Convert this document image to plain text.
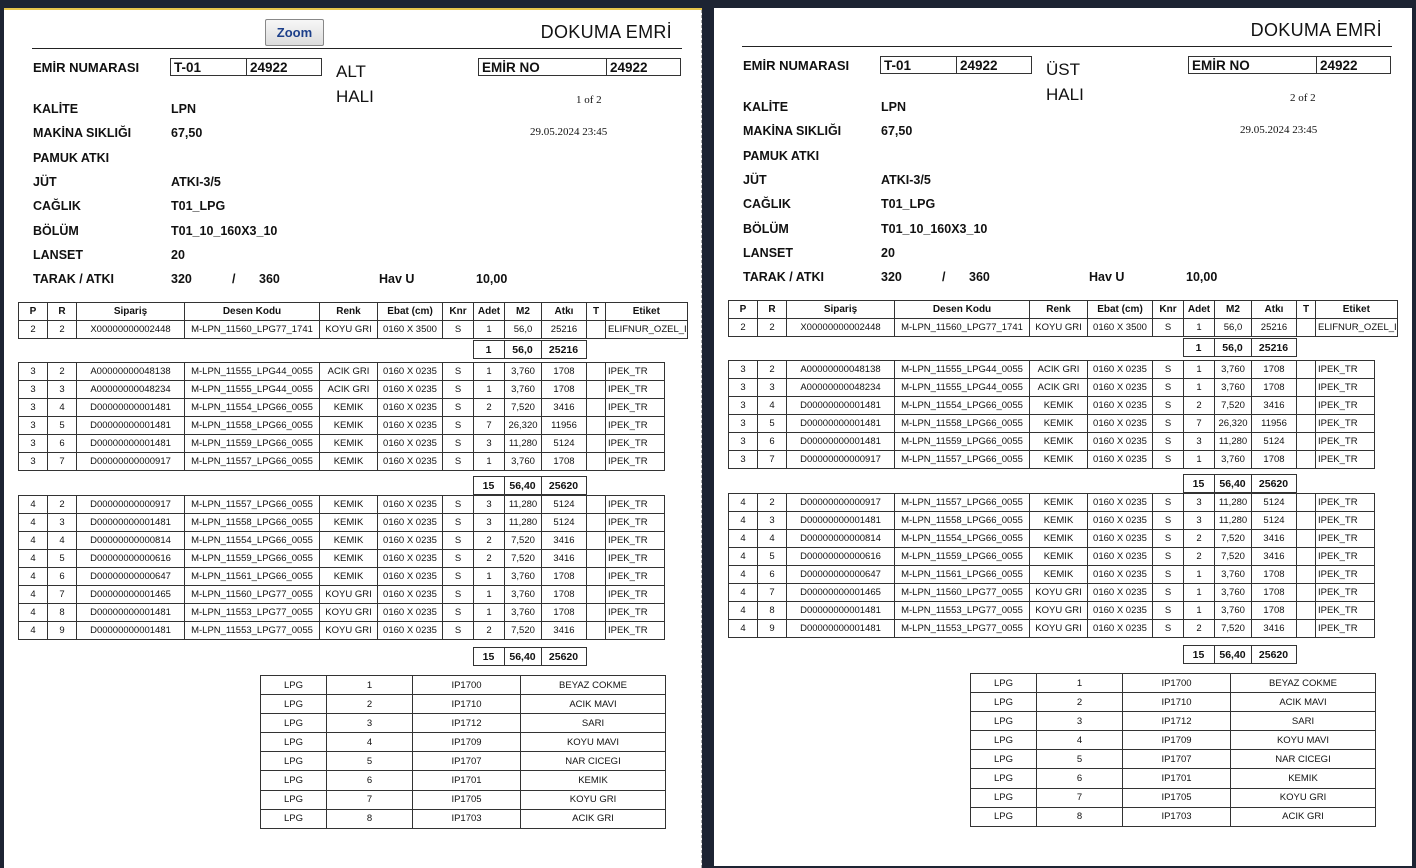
Zoom	DOKUMA EMRİ
EMİR NUMARASI	T-01	24922	ALT
HALI
EMİR NO	24922
1 of 2
29.05.2024 23:45
KALİTE	LPN
MAKİNA SIKLIĞI	67,50
PAMUK ATKI
JÜT	ATKI-3/5
CAĞLIK	T01_LPG
BÖLÜM	T01_10_160X3_10
LANSET	20
TARAK / ATKI	320	/ 360	Hav U	10,00
P	R	Sipariş	Desen Kodu	Renk	Ebat (cm)	Knr	Adet	M2	Atkı	T	Etiket
2	2	X00000000002448	M-LPN_11560_LPG77_1741	KOYU GRI	0160 X 3500	S	1	56,0	25216		ELIFNUR_OZEL_I
	1	56,0	25216
3	2	A00000000048138	M-LPN_11555_LPG44_0055	ACIK GRI	0160 X 0235	S	1	3,760	1708		IPEK_TR
3	3	A00000000048234	M-LPN_11555_LPG44_0055	ACIK GRI	0160 X 0235	S	1	3,760	1708		IPEK_TR
3	4	D00000000001481	M-LPN_11554_LPG66_0055	KEMIK	0160 X 0235	S	2	7,520	3416		IPEK_TR
3	5	D00000000001481	M-LPN_11558_LPG66_0055	KEMIK	0160 X 0235	S	7	26,320	11956		IPEK_TR
3	6	D00000000001481	M-LPN_11559_LPG66_0055	KEMIK	0160 X 0235	S	3	11,280	5124		IPEK_TR
3	7	D00000000000917	M-LPN_11557_LPG66_0055	KEMIK	0160 X 0235	S	1	3,760	1708		IPEK_TR
	15	56,40	25620
4	2	D00000000000917	M-LPN_11557_LPG66_0055	KEMIK	0160 X 0235	S	3	11,280	5124		IPEK_TR
4	3	D00000000001481	M-LPN_11558_LPG66_0055	KEMIK	0160 X 0235	S	3	11,280	5124		IPEK_TR
4	4	D00000000000814	M-LPN_11554_LPG66_0055	KEMIK	0160 X 0235	S	2	7,520	3416		IPEK_TR
4	5	D00000000000616	M-LPN_11559_LPG66_0055	KEMIK	0160 X 0235	S	2	7,520	3416		IPEK_TR
4	6	D00000000000647	M-LPN_11561_LPG66_0055	KEMIK	0160 X 0235	S	1	3,760	1708		IPEK_TR
4	7	D00000000001465	M-LPN_11560_LPG77_0055	KOYU GRI	0160 X 0235	S	1	3,760	1708		IPEK_TR
4	8	D00000000001481	M-LPN_11553_LPG77_0055	KOYU GRI	0160 X 0235	S	1	3,760	1708		IPEK_TR
4	9	D00000000001481	M-LPN_11553_LPG77_0055	KOYU GRI	0160 X 0235	S	2	7,520	3416		IPEK_TR
	15	56,40	25620
LPG	1	IP1700	BEYAZ COKME
LPG	2	IP1710	ACIK MAVI
LPG	3	IP1712	SARI
LPG	4	IP1709	KOYU MAVI
LPG	5	IP1707	NAR CICEGI
LPG	6	IP1701	KEMIK
LPG	7	IP1705	KOYU GRI
LPG	8	IP1703	ACIK GRI
DOKUMA EMRİ
EMİR NUMARASI	T-01	24922	ÜST
HALI
EMİR NO	24922
2 of 2
29.05.2024 23:45
KALİTE	LPN
MAKİNA SIKLIĞI	67,50
PAMUK ATKI
JÜT	ATKI-3/5
CAĞLIK	T01_LPG
BÖLÜM	T01_10_160X3_10
LANSET	20
TARAK / ATKI	320	/ 360	Hav U	10,00
P	R	Sipariş	Desen Kodu	Renk	Ebat (cm)	Knr	Adet	M2	Atkı	T	Etiket
2	2	X00000000002448	M-LPN_11560_LPG77_1741	KOYU GRI	0160 X 3500	S	1	56,0	25216		ELIFNUR_OZEL_I
	1	56,0	25216
3	2	A00000000048138	M-LPN_11555_LPG44_0055	ACIK GRI	0160 X 0235	S	1	3,760	1708		IPEK_TR
3	3	A00000000048234	M-LPN_11555_LPG44_0055	ACIK GRI	0160 X 0235	S	1	3,760	1708		IPEK_TR
3	4	D00000000001481	M-LPN_11554_LPG66_0055	KEMIK	0160 X 0235	S	2	7,520	3416		IPEK_TR
3	5	D00000000001481	M-LPN_11558_LPG66_0055	KEMIK	0160 X 0235	S	7	26,320	11956		IPEK_TR
3	6	D00000000001481	M-LPN_11559_LPG66_0055	KEMIK	0160 X 0235	S	3	11,280	5124		IPEK_TR
3	7	D00000000000917	M-LPN_11557_LPG66_0055	KEMIK	0160 X 0235	S	1	3,760	1708		IPEK_TR
	15	56,40	25620
4	2	D00000000000917	M-LPN_11557_LPG66_0055	KEMIK	0160 X 0235	S	3	11,280	5124		IPEK_TR
4	3	D00000000001481	M-LPN_11558_LPG66_0055	KEMIK	0160 X 0235	S	3	11,280	5124		IPEK_TR
4	4	D00000000000814	M-LPN_11554_LPG66_0055	KEMIK	0160 X 0235	S	2	7,520	3416		IPEK_TR
4	5	D00000000000616	M-LPN_11559_LPG66_0055	KEMIK	0160 X 0235	S	2	7,520	3416		IPEK_TR
4	6	D00000000000647	M-LPN_11561_LPG66_0055	KEMIK	0160 X 0235	S	1	3,760	1708		IPEK_TR
4	7	D00000000001465	M-LPN_11560_LPG77_0055	KOYU GRI	0160 X 0235	S	1	3,760	1708		IPEK_TR
4	8	D00000000001481	M-LPN_11553_LPG77_0055	KOYU GRI	0160 X 0235	S	1	3,760	1708		IPEK_TR
4	9	D00000000001481	M-LPN_11553_LPG77_0055	KOYU GRI	0160 X 0235	S	2	7,520	3416		IPEK_TR
	15	56,40	25620
LPG	1	IP1700	BEYAZ COKME
LPG	2	IP1710	ACIK MAVI
LPG	3	IP1712	SARI
LPG	4	IP1709	KOYU MAVI
LPG	5	IP1707	NAR CICEGI
LPG	6	IP1701	KEMIK
LPG	7	IP1705	KOYU GRI
LPG	8	IP1703	ACIK GRI
